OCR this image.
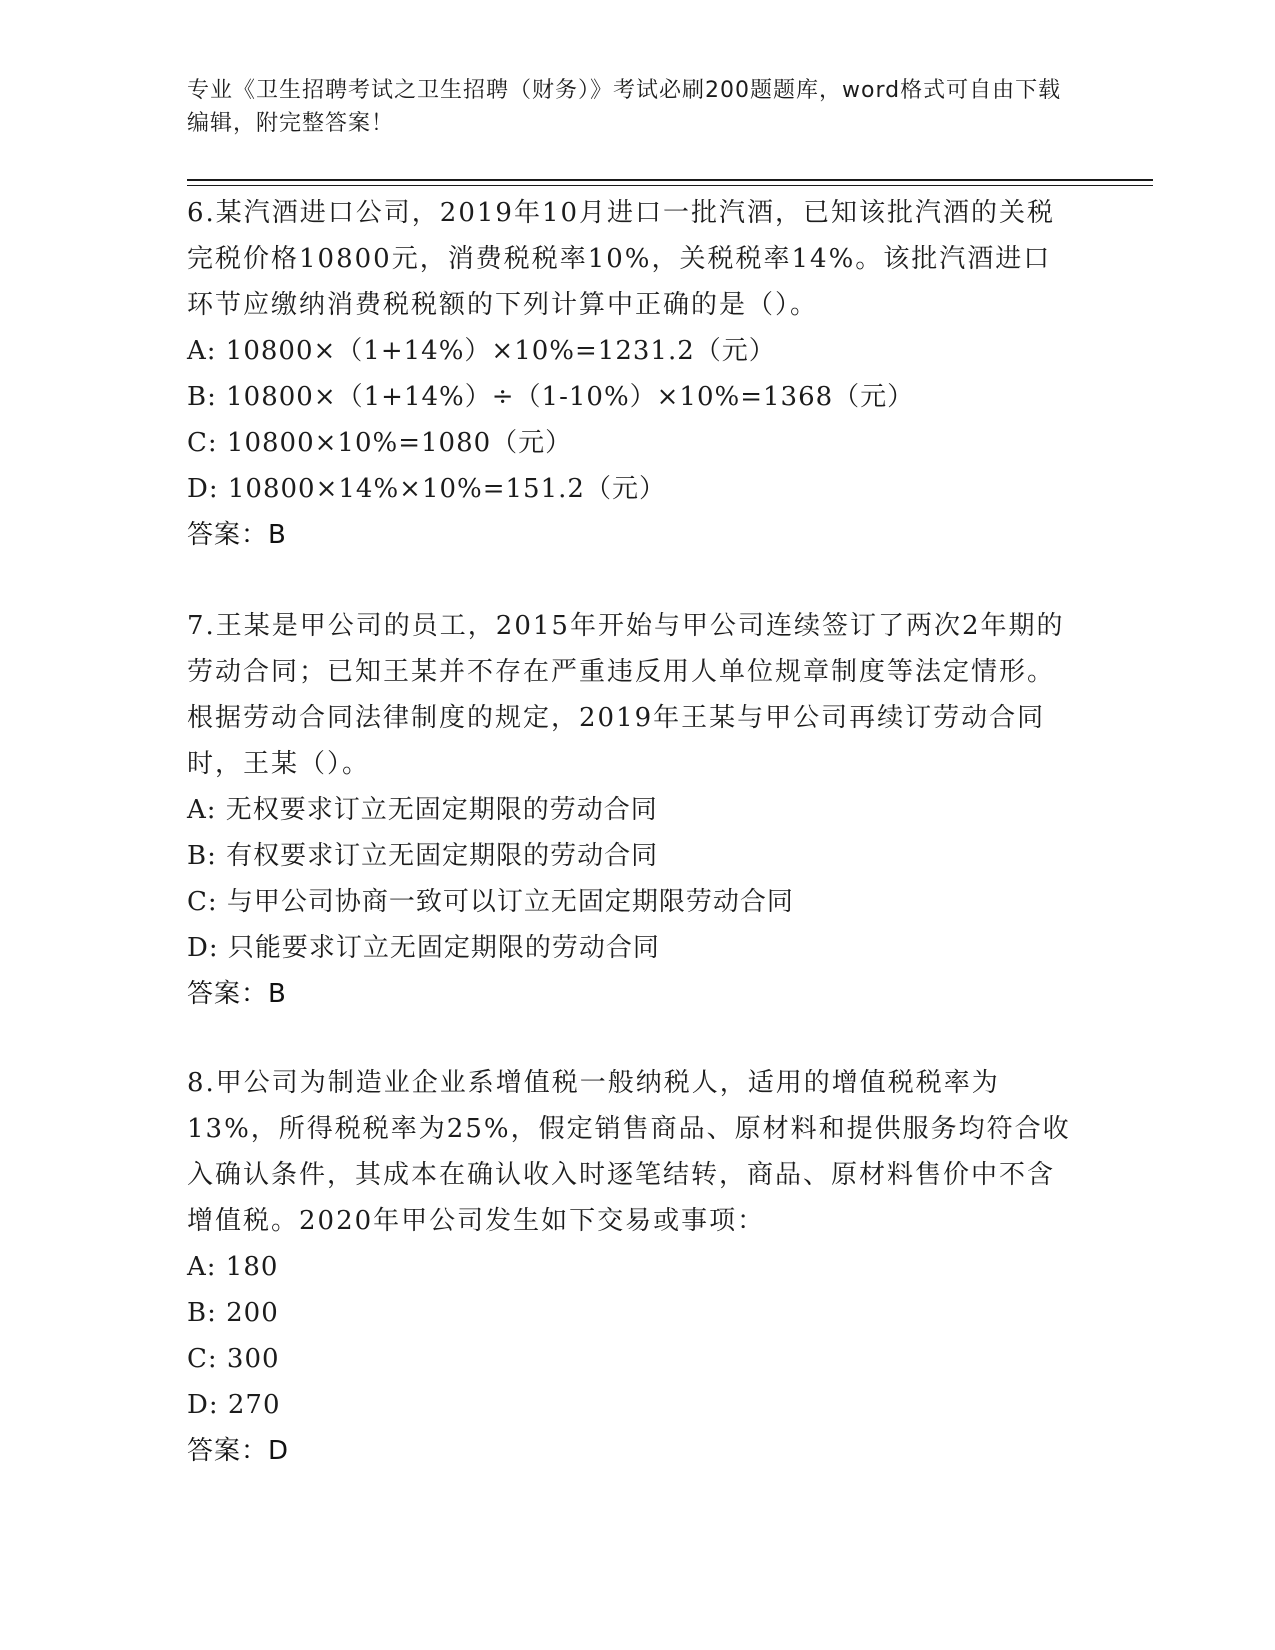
专业《卫生招聘考试之卫生招聘（财务）》考试必刷200题题库，word格式可自由下载编辑，附完整答案！

6.某汽酒进口公司，2019年10月进口一批汽酒，已知该批汽酒的关税完税价格10800元，消费税税率10%，关税税率14%。该批汽酒进口环节应缴纳消费税税额的下列计算中正确的是（）。

A: 10800×（1+14%）×10%=1231.2（元）

B: 10800×（1+14%）÷（1-10%）×10%=1368（元）

C: 10800×10%=1080（元）

D: 10800×14%×10%=151.2（元）

答案：B

7.王某是甲公司的员工，2015年开始与甲公司连续签订了两次2年期的劳动合同；已知王某并不存在严重违反用人单位规章制度等法定情形。根据劳动合同法律制度的规定，2019年王某与甲公司再续订劳动合同时，王某（）。

A: 无权要求订立无固定期限的劳动合同

B: 有权要求订立无固定期限的劳动合同

C: 与甲公司协商一致可以订立无固定期限劳动合同

D: 只能要求订立无固定期限的劳动合同

答案：B

8.甲公司为制造业企业系增值税一般纳税人，适用的增值税税率为13%，所得税税率为25%，假定销售商品、原材料和提供服务均符合收入确认条件，其成本在确认收入时逐笔结转，商品、原材料售价中不含增值税。2020年甲公司发生如下交易或事项：

A: 180

B: 200

C: 300

D: 270

答案：D
